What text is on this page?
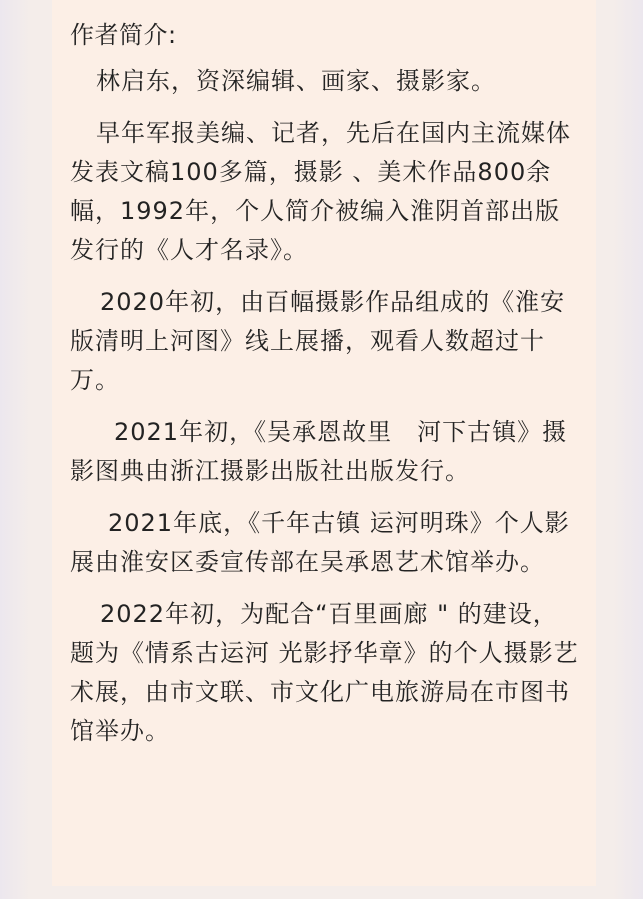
作者简介:
林启东，资深编辑、画家、摄影家。
早年军报美编、记者，先后在国内主流媒体发表文稿100多篇，摄影 、美术作品800余幅，1992年，个人简介被编入淮阴首部出版发行的《人才名录》。
2020年初，由百幅摄影作品组成的《淮安版清明上河图》线上展播，观看人数超过十万。
2021年初，《吴承恩故里　河下古镇》摄影图典由浙江摄影出版社出版发行。
2021年底，《千年古镇 运河明珠》个人影展由淮安区委宣传部在吴承恩艺术馆举办。
2022年初，为配合“百里画廊 " 的建设，题为《情系古运河 光影抒华章》的个人摄影艺术展，由市文联、市文化广电旅游局在市图书馆举办。
